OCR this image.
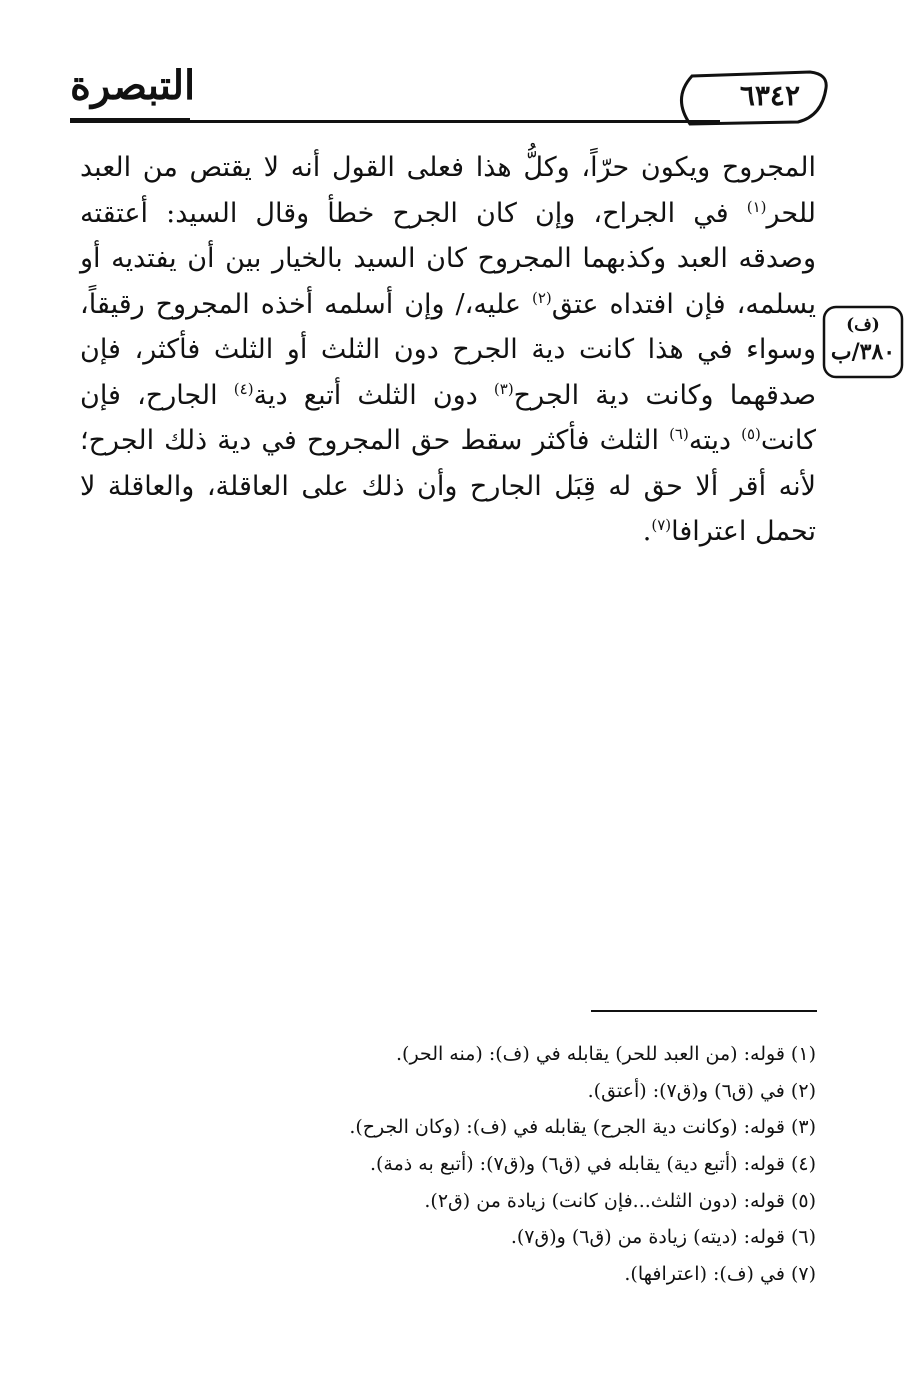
التبصرة	٦٣٤٢
المجروح ويكون حرّاً، وكلُّ هذا فعلى القول أنه لا يقتص من العبد للحر$^{(١)}$ في الجراح، وإن كان الجرح خطأ وقال السيد: أعتقته وصدقه العبد وكذبهما المجروح كان السيد بالخيار بين أن يفتديه أو يسلمه، فإن افتداه عتق$^{(٢)}$ عليه،/ وإن أسلمه أخذه المجروح رقيقاً، وسواء في هذا كانت دية الجرح دون الثلث أو الثلث فأكثر، فإن صدقهما وكانت دية الجرح$^{(٣)}$ دون الثلث أتبع دية$^{(٤)}$ الجارح، فإن كانت$^{(٥)}$ ديته$^{(٦)}$ الثلث فأكثر سقط حق المجروح في دية ذلك الجرح؛ لأنه أقر ألا حق له قِبَل الجارح وأن ذلك على العاقلة، والعاقلة لا تحمل اعترافا$^{(٧)}$.
(ف)
٣٨٠/ب
(١) قوله: (من العبد للحر) يقابله في (ف): (منه الحر).
(٢) في (ق٦) و(ق٧): (أعتق).
(٣) قوله: (وكانت دية الجرح) يقابله في (ف): (وكان الجرح).
(٤) قوله: (أتبع دية) يقابله في (ق٦) و(ق٧): (أتبع به ذمة).
(٥) قوله: (دون الثلث...فإن كانت) زيادة من (ق٢).
(٦) قوله: (ديته) زيادة من (ق٦) و(ق٧).
(٧) في (ف): (اعترافها).
